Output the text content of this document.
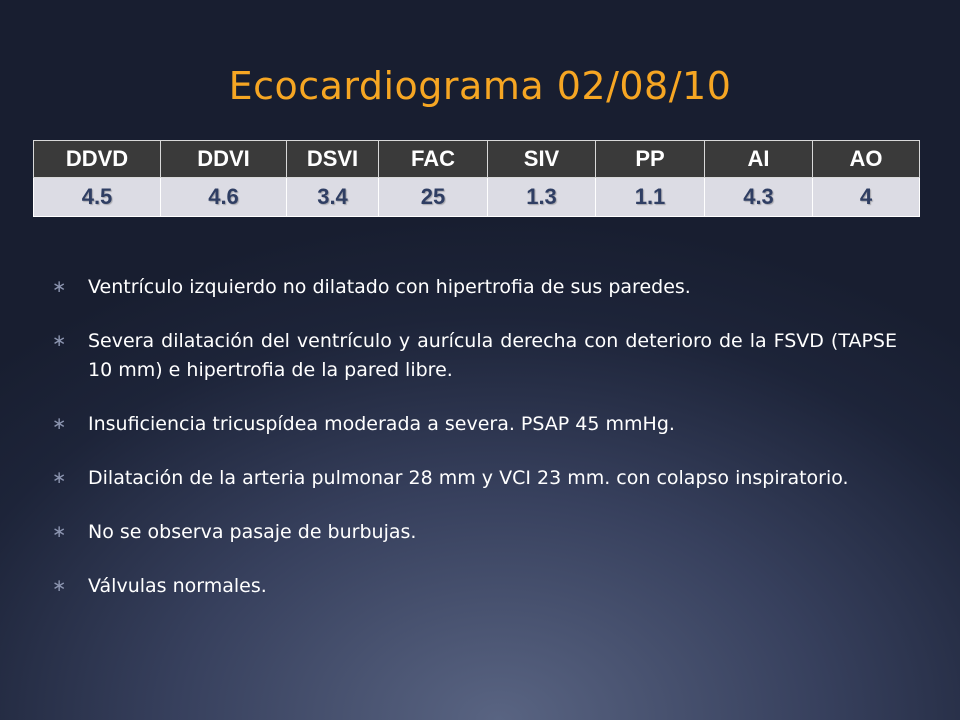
Ecocardiograma 02/08/10
DDVD	DDVI	DSVI	FAC	SIV	PP	AI	AO
4.5	4.6	3.4	25	1.3	1.1	4.3	4
∗ Ventrículo izquierdo no dilatado con hipertrofia de sus paredes.
∗ Severa dilatación del ventrículo y aurícula derecha con deterioro de la FSVD (TAPSE 10 mm) e hipertrofia de la pared libre.
∗ Insuficiencia tricuspídea moderada a severa. PSAP 45 mmHg.
∗ Dilatación de la arteria pulmonar 28 mm y VCI 23 mm. con colapso inspiratorio.
∗ No se observa pasaje de burbujas.
∗ Válvulas normales.
